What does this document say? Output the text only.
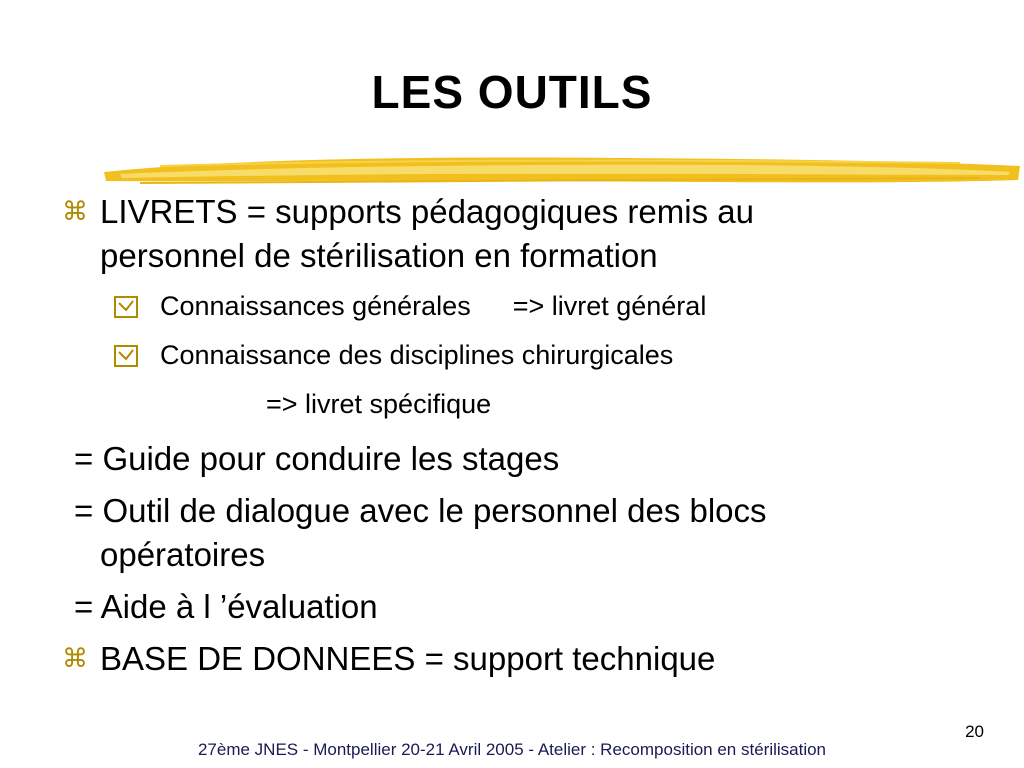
LES OUTILS

⌘ LIVRETS = supports pédagogiques remis au

personnel de stérilisation en formation

Connaissances générales => livret général

Connaissance des disciplines chirurgicales

=> livret spécifique

= Guide pour conduire les stages

= Outil de dialogue avec le personnel des blocs

opératoires

= Aide à l ’évaluation

⌘ BASE DE DONNEES = support technique

20
27ème JNES - Montpellier 20-21 Avril 2005 - Atelier : Recomposition en stérilisation
